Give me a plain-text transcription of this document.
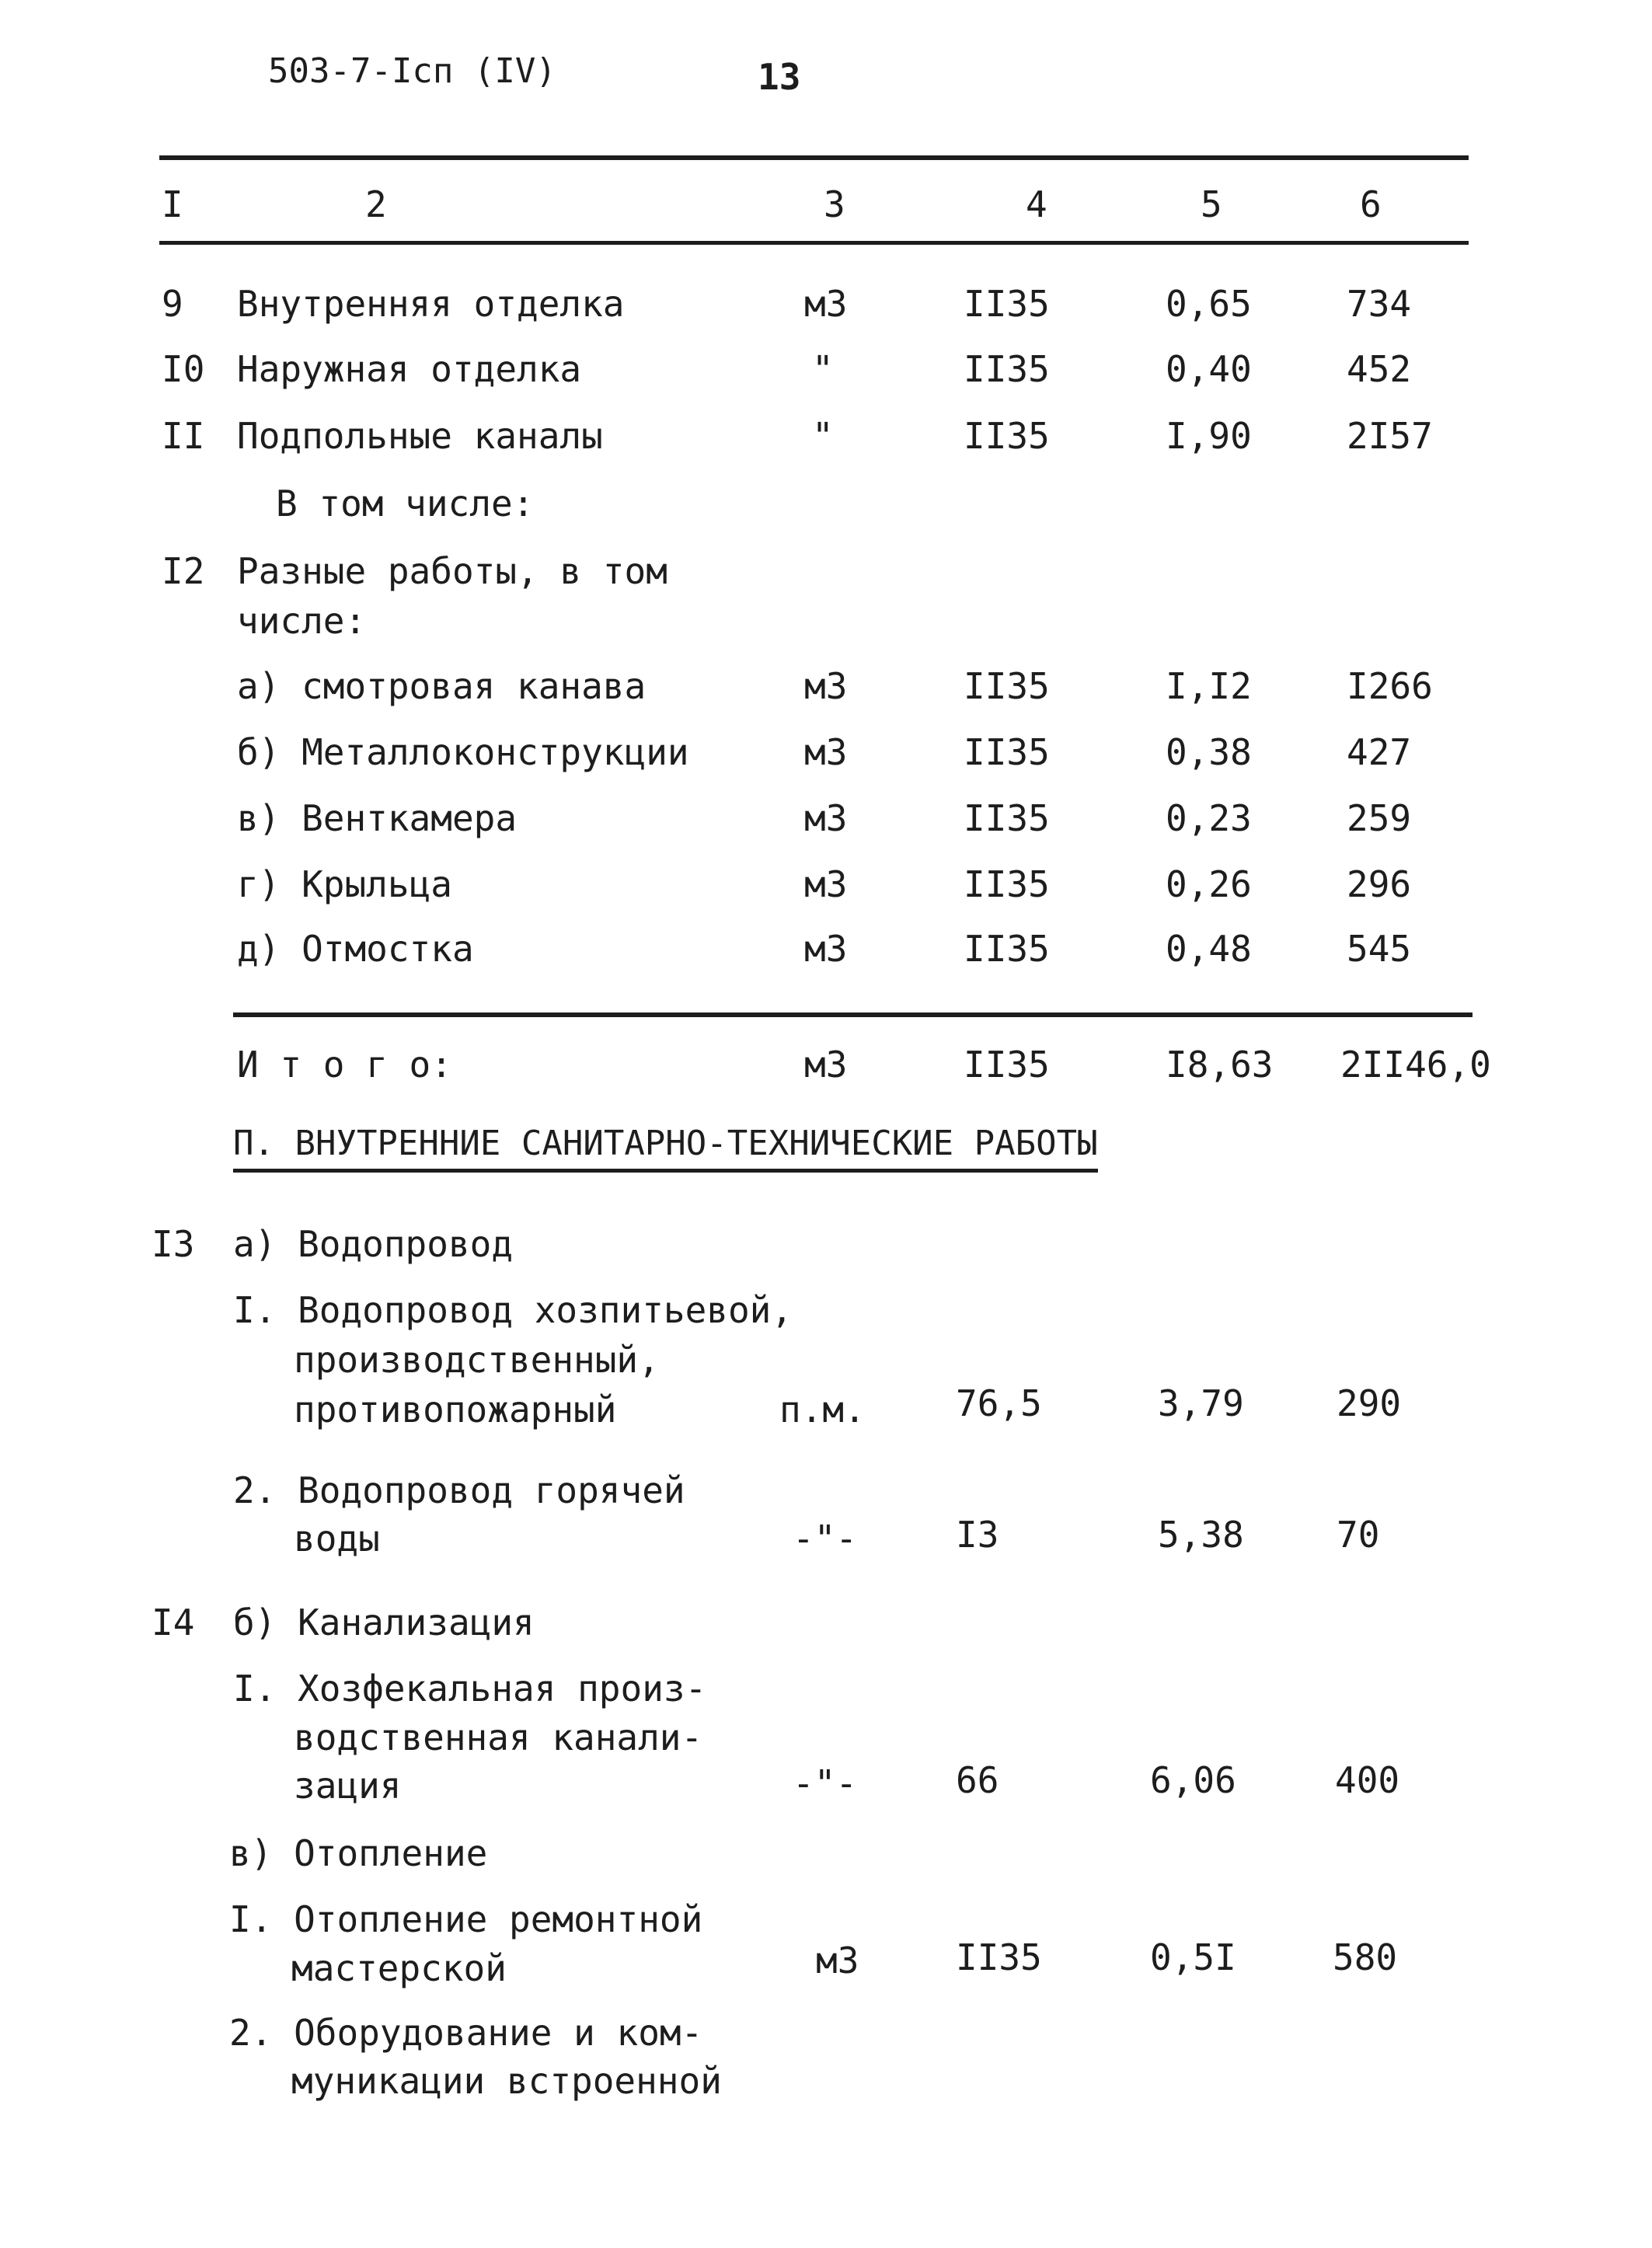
503-7-Iсп (IV)	13
I	2	3	4	5	6
9 Внутренняя отделка	м3	II35	0,65	734
I0 Наружная отделка	"	II35	0,40	452
II Подпольные каналы	"	II35	I,90	2I57
В том числе:
I2 Разные работы, в том
числе:
а) смотровая канава	м3	II35	I,I2	I266
б) Металлоконструкции	м3	II35	0,38	427
в) Венткамера	м3	II35	0,23	259
г) Крыльца	м3	II35	0,26	296
д) Отмостка	м3	II35	0,48	545
И т о г о:	м3	II35	I8,63 2II46,0
П. ВНУТРЕННИЕ САНИТАРНО-ТЕХНИЧЕСКИЕ РАБОТЫ
I3 а) Водопровод
I. Водопровод хозпитьевой,
производственный,
противопожарный	п.м.	76,5	3,79	290
2. Водопровод горячей
воды	-"-	I3	5,38	70
I4 б) Канализация
I. Хозфекальная произ-
водственная канали-
зация	-"-	66	6,06	400
в) Отопление
I. Отопление ремонтной
мастерской	м3	II35	0,5I	580
2. Оборудование и ком-
муникации встроенной
